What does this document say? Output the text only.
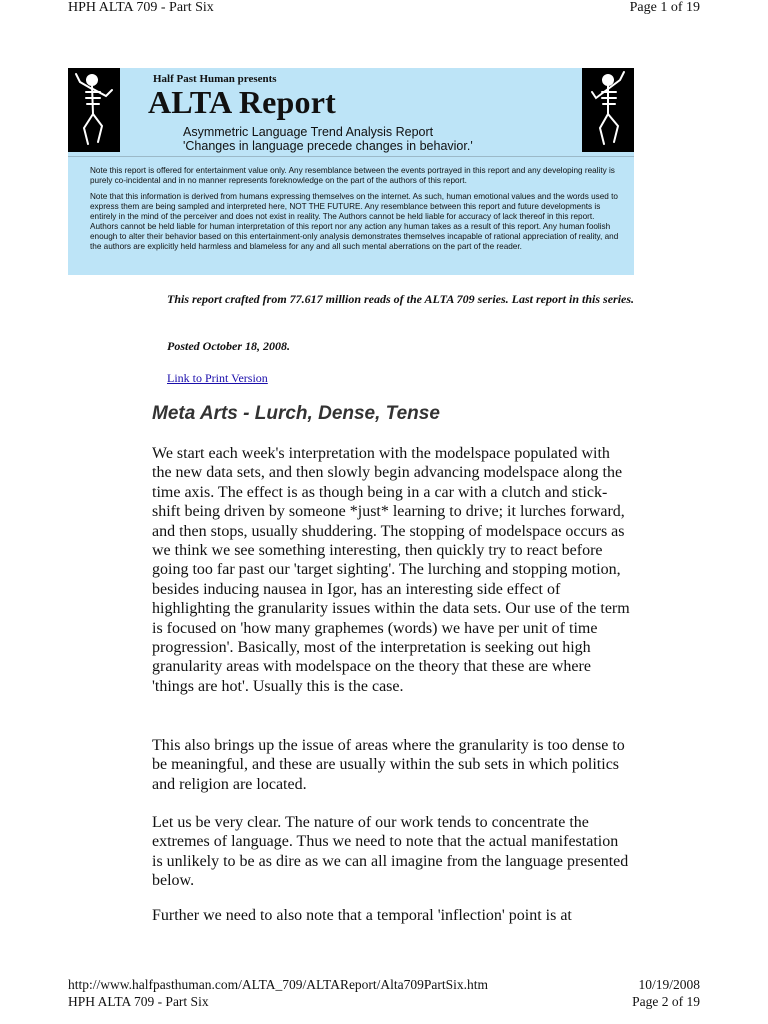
HPH ALTA 709 - Part Six	Page 1 of 19
Half Past Human presents
ALTA Report
Asymmetric Language Trend Analysis Report
'Changes in language precede changes in behavior.'
Note this report is offered for entertainment value only. Any resemblance between the events portrayed in this report and any developing reality is purely co-incidental and in no manner represents foreknowledge on the part of the authors of this report.
Note that this information is derived from humans expressing themselves on the internet. As such, human emotional values and the words used to express them are being sampled and interpreted here, NOT THE FUTURE. Any resemblance between this report and future developments is entirely in the mind of the perceiver and does not exist in reality. The Authors cannot be held liable for accuracy of lack thereof in this report. Authors cannot be held liable for human interpretation of this report nor any action any human takes as a result of this report. Any human foolish enough to alter their behavior based on this entertainment-only analysis demonstrates themselves incapable of rational appreciation of reality, and the authors are explicitly held harmless and blameless for any and all such mental aberrations on the part of the reader.
This report crafted from 77.617 million reads of the ALTA 709 series. Last report in this series.
Posted October 18, 2008.
Link to Print Version
Meta Arts - Lurch, Dense, Tense
We start each week's interpretation with the modelspace populated with the new data sets, and then slowly begin advancing modelspace along the time axis. The effect is as though being in a car with a clutch and stick-shift being driven by someone *just* learning to drive; it lurches forward, and then stops, usually shuddering. The stopping of modelspace occurs as we think we see something interesting, then quickly try to react before going too far past our 'target sighting'. The lurching and stopping motion, besides inducing nausea in Igor, has an interesting side effect of highlighting the granularity issues within the data sets. Our use of the term is focused on 'how many graphemes (words) we have per unit of time progression'. Basically, most of the interpretation is seeking out high granularity areas with modelspace on the theory that these are where 'things are hot'. Usually this is the case.
This also brings up the issue of areas where the granularity is too dense to be meaningful, and these are usually within the sub sets in which politics and religion are located.
Let us be very clear. The nature of our work tends to concentrate the extremes of language. Thus we need to note that the actual manifestation is unlikely to be as dire as we can all imagine from the language presented below.
Further we need to also note that a temporal 'inflection' point is at
http://www.halfpasthuman.com/ALTA_709/ALTAReport/Alta709PartSix.htm	10/19/2008
HPH ALTA 709 - Part Six	Page 2 of 19
